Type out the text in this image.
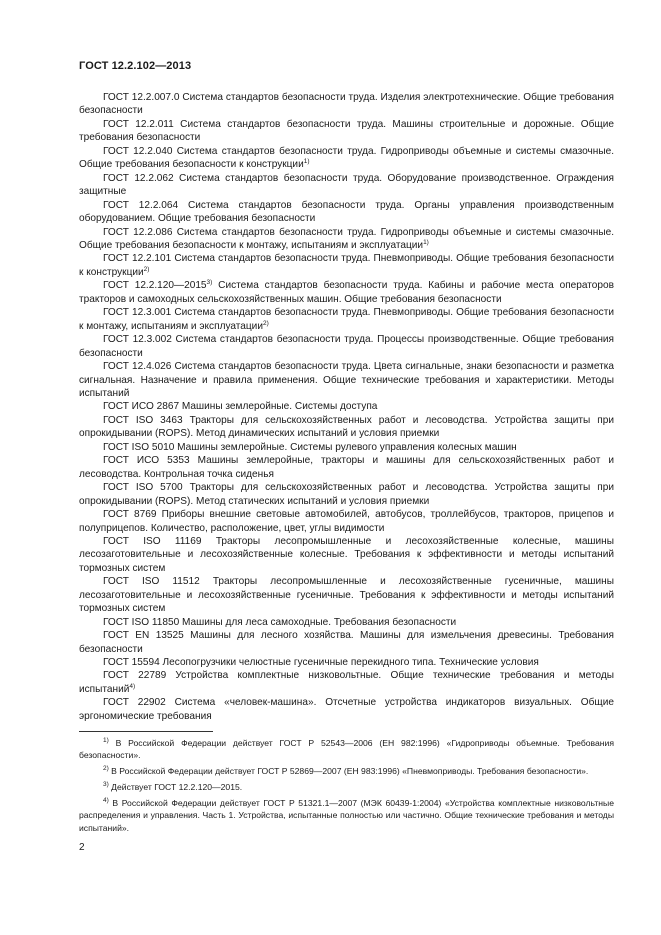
ГОСТ 12.2.102—2013

ГОСТ 12.2.007.0 Система стандартов безопасности труда. Изделия электротехнические. Общие требования безопасности

ГОСТ 12.2.011 Система стандартов безопасности труда. Машины строительные и дорожные. Общие требования безопасности

ГОСТ 12.2.040 Система стандартов безопасности труда. Гидроприводы объемные и системы смазочные. Общие требования безопасности к конструкции$^{1)}$

ГОСТ 12.2.062 Система стандартов безопасности труда. Оборудование производственное. Ограждения защитные

ГОСТ 12.2.064 Система стандартов безопасности труда. Органы управления производственным оборудованием. Общие требования безопасности

ГОСТ 12.2.086 Система стандартов безопасности труда. Гидроприводы объемные и системы смазочные. Общие требования безопасности к монтажу, испытаниям и эксплуатации$^{1)}$

ГОСТ 12.2.101 Система стандартов безопасности труда. Пневмоприводы. Общие требования безопасности к конструкции$^{2)}$

ГОСТ 12.2.120—2015$^{3)}$ Система стандартов безопасности труда. Кабины и рабочие места операторов тракторов и самоходных сельскохозяйственных машин. Общие требования безопасности

ГОСТ 12.3.001 Система стандартов безопасности труда. Пневмоприводы. Общие требования безопасности к монтажу, испытаниям и эксплуатации$^{2)}$

ГОСТ 12.3.002 Система стандартов безопасности труда. Процессы производственные. Общие требования безопасности

ГОСТ 12.4.026 Система стандартов безопасности труда. Цвета сигнальные, знаки безопасности и разметка сигнальная. Назначение и правила применения. Общие технические требования и характеристики. Методы испытаний

ГОСТ ИСО 2867 Машины землеройные. Системы доступа

ГОСТ ISO 3463 Тракторы для сельскохозяйственных работ и лесоводства. Устройства защиты при опрокидывании (ROPS). Метод динамических испытаний и условия приемки

ГОСТ ISO 5010 Машины землеройные. Системы рулевого управления колесных машин

ГОСТ ИСО 5353 Машины землеройные, тракторы и машины для сельскохозяйственных работ и лесоводства. Контрольная точка сиденья

ГОСТ ISO 5700 Тракторы для сельскохозяйственных работ и лесоводства. Устройства защиты при опрокидывании (ROPS). Метод статических испытаний и условия приемки

ГОСТ 8769 Приборы внешние световые автомобилей, автобусов, троллейбусов, тракторов, прицепов и полуприцепов. Количество, расположение, цвет, углы видимости

ГОСТ ISO 11169 Тракторы лесопромышленные и лесохозяйственные колесные, машины лесозаготовительные и лесохозяйственные колесные. Требования к эффективности и методы испытаний тормозных систем

ГОСТ ISO 11512 Тракторы лесопромышленные и лесохозяйственные гусеничные, машины лесозаготовительные и лесохозяйственные гусеничные. Требования к эффективности и методы испытаний тормозных систем

ГОСТ ISO 11850 Машины для леса самоходные. Требования безопасности

ГОСТ EN 13525 Машины для лесного хозяйства. Машины для измельчения древесины. Требования безопасности

ГОСТ 15594 Лесопогрузчики челюстные гусеничные перекидного типа. Технические условия

ГОСТ 22789 Устройства комплектные низковольтные. Общие технические требования и методы испытаний$^{4)}$

ГОСТ 22902 Система «человек-машина». Отсчетные устройства индикаторов визуальных. Общие эргономические требования

$^{1)}$ В Российской Федерации действует ГОСТ Р 52543—2006 (ЕН 982:1996) «Гидроприводы объемные. Требования безопасности».

$^{2)}$ В Российской Федерации действует ГОСТ Р 52869—2007 (ЕН 983:1996) «Пневмоприводы. Требования безопасности».

$^{3)}$ Действует ГОСТ 12.2.120—2015.

$^{4)}$ В Российской Федерации действует ГОСТ Р 51321.1—2007 (МЭК 60439-1:2004) «Устройства комплектные низковольтные распределения и управления. Часть 1. Устройства, испытанные полностью или частично. Общие технические требования и методы испытаний».

2
